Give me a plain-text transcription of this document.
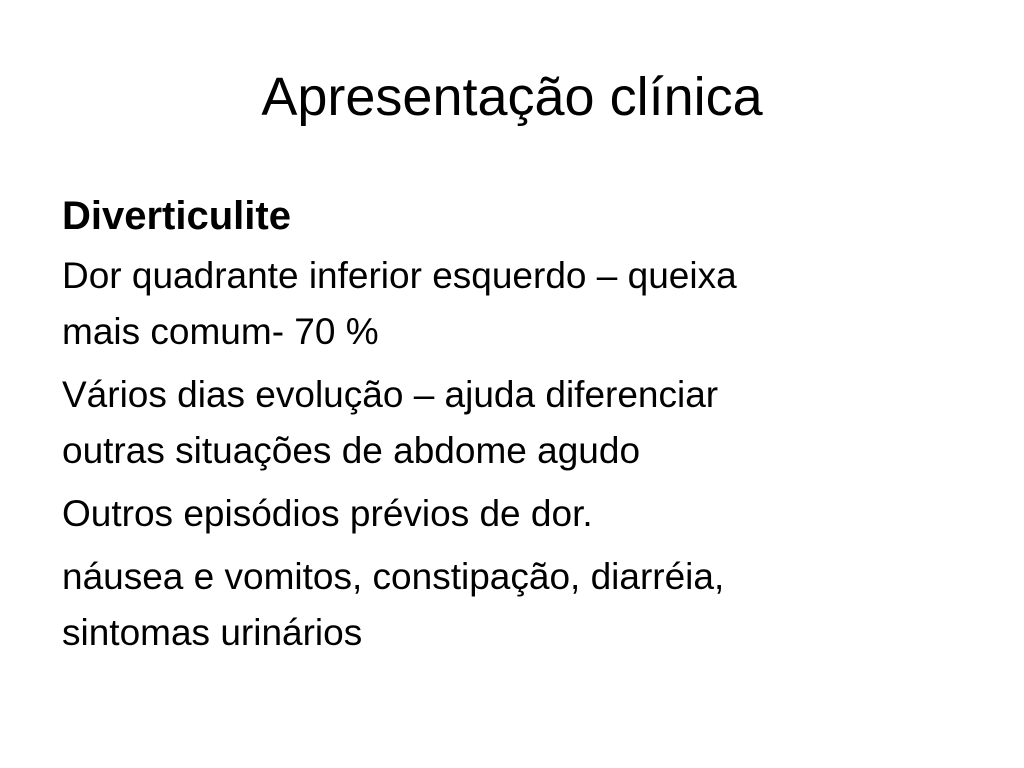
Apresentação clínica
Diverticulite
Dor quadrante inferior esquerdo – queixa
mais comum- 70 %
Vários dias evolução – ajuda diferenciar
outras situações de abdome agudo
Outros episódios prévios de dor.
náusea e vomitos, constipação, diarréia,
sintomas urinários
